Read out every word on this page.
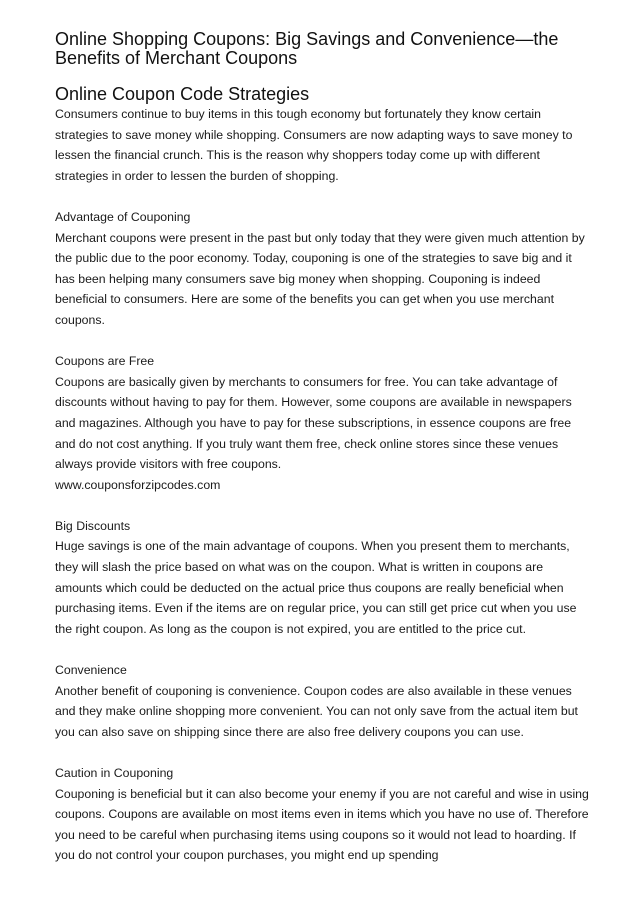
Online Shopping Coupons: Big Savings and Convenience—the Benefits of Merchant Coupons
Online Coupon Code Strategies

Consumers continue to buy items in this tough economy but fortunately they know certain strategies to save money while shopping. Consumers are now adapting ways to save money to lessen the financial crunch. This is the reason why shoppers today come up with different strategies in order to lessen the burden of shopping.

Advantage of Couponing

Merchant coupons were present in the past but only today that they were given much attention by the public due to the poor economy. Today, couponing is one of the strategies to save big and it has been helping many consumers save big money when shopping. Couponing is indeed beneficial to consumers. Here are some of the benefits you can get when you use merchant coupons.

Coupons are Free

Coupons are basically given by merchants to consumers for free. You can take advantage of discounts without having to pay for them. However, some coupons are available in newspapers and magazines. Although you have to pay for these subscriptions, in essence coupons are free and do not cost anything. If you truly want them free, check online stores since these venues always provide visitors with free coupons.

www.couponsforzipcodes.com

Big Discounts

Huge savings is one of the main advantage of coupons. When you present them to merchants, they will slash the price based on what was on the coupon. What is written in coupons are amounts which could be deducted on the actual price thus coupons are really beneficial when purchasing items. Even if the items are on regular price, you can still get price cut when you use the right coupon. As long as the coupon is not expired, you are entitled to the price cut.

Convenience

Another benefit of couponing is convenience. Coupon codes are also available in these venues and they make online shopping more convenient. You can not only save from the actual item but you can also save on shipping since there are also free delivery coupons you can use.

Caution in Couponing

Couponing is beneficial but it can also become your enemy if you are not careful and wise in using coupons. Coupons are available on most items even in items which you have no use of. Therefore you need to be careful when purchasing items using coupons so it would not lead to hoarding. If you do not control your coupon purchases, you might end up spending
